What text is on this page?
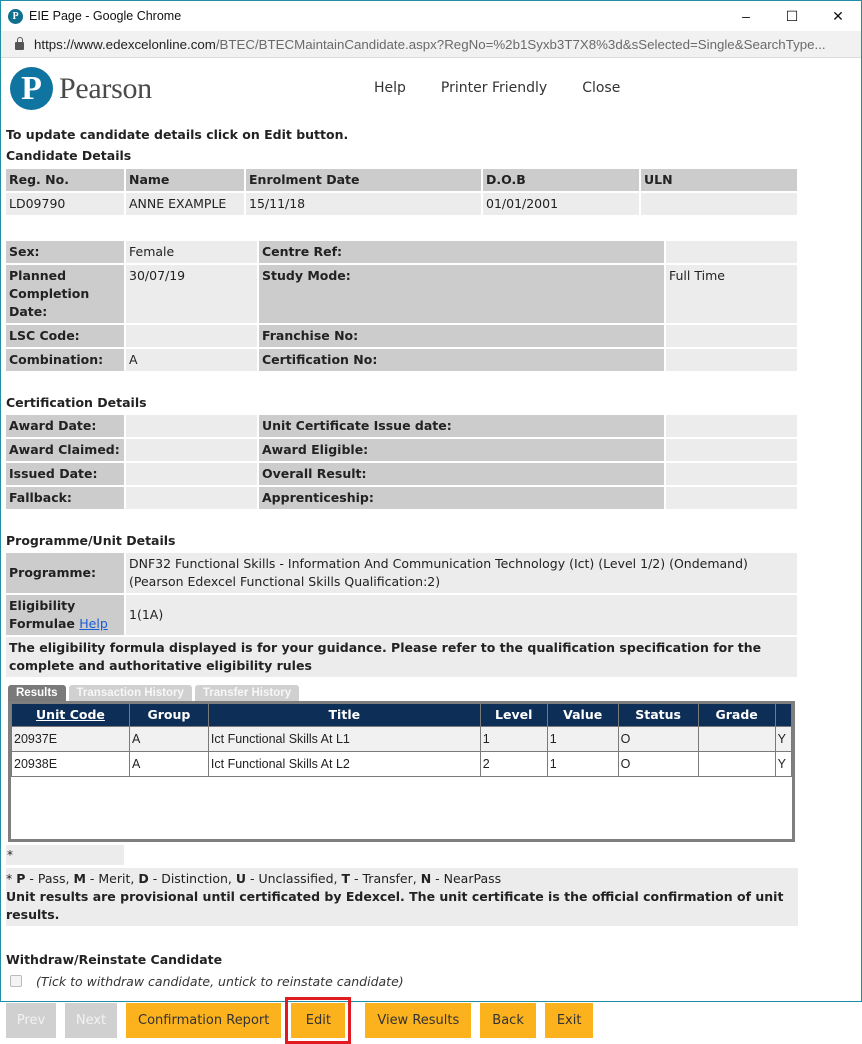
P EIE Page - Google Chrome	–	☐	✕
https://www.edexcelonline.com/BTEC/BTECMaintainCandidate.aspx?RegNo=%2b1Syxb3T7X8%3d&sSelected=Single&SearchType...
P Pearson	Help	Printer Friendly	Close
To update candidate details click on Edit button.
Candidate Details
Reg. No.	Name	Enrolment Date	D.O.B	ULN
LD09790	ANNE EXAMPLE	15/11/18	01/01/2001	
Sex:	Female	Centre Ref:	
Planned Completion Date:	30/07/19	Study Mode:	Full Time
LSC Code:		Franchise No:	
Combination:	A	Certification No:	
Certification Details
Award Date:		Unit Certificate Issue date:	
Award Claimed:		Award Eligible:	
Issued Date:		Overall Result:	
Fallback:		Apprenticeship:	
Programme/Unit Details
Programme:	DNF32 Functional Skills - Information And Communication Technology (Ict) (Level 1/2) (Ondemand) (Pearson Edexcel Functional Skills Qualification:2)
Eligibility Formulae Help	1(1A)
The eligibility formula displayed is for your guidance. Please refer to the qualification specification for the complete and authoritative eligibility rules	
Results	Transaction History	Transfer History
Unit Code	Group	Title	Level	Value	Status	Grade	
20937E	A	Ict Functional Skills At L1	1	1	O		Y
20938E	A	Ict Functional Skills At L2	2	1	O		Y
*
* P - Pass, M - Merit, D - Distinction, U - Unclassified, T - Transfer, N - NearPass
Unit results are provisional until certificated by Edexcel. The unit certificate is the official confirmation of unit results.
Withdraw/Reinstate Candidate
(Tick to withdraw candidate, untick to reinstate candidate)
Prev	Next	Confirmation Report	Edit	View Results	Back	Exit
